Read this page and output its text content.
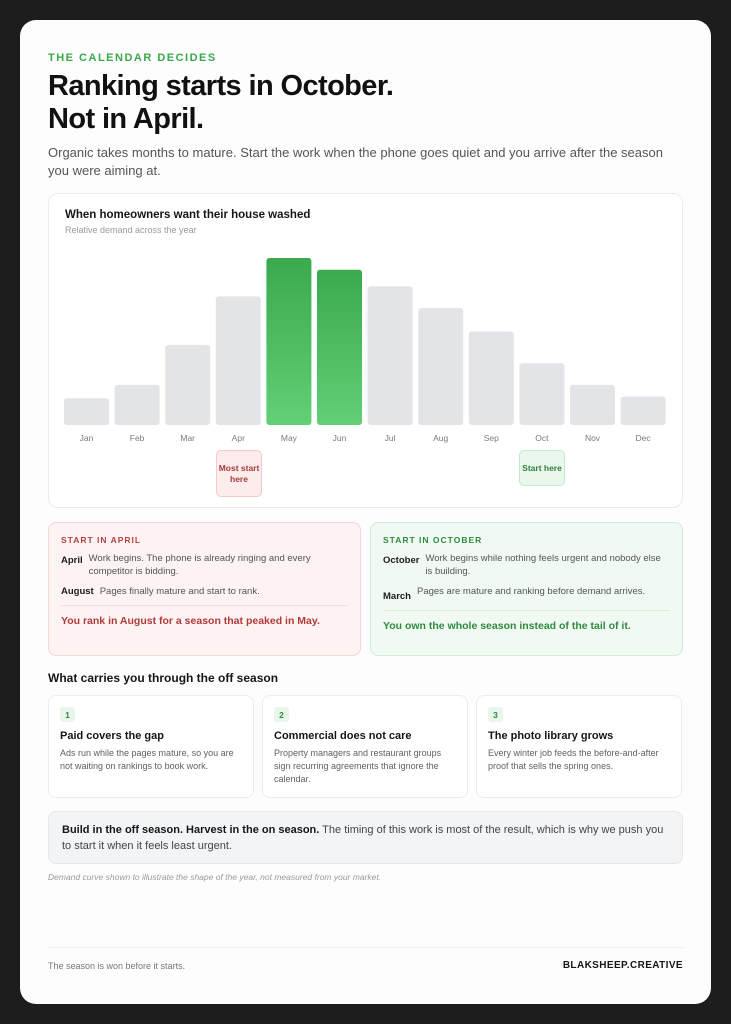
THE CALENDAR DECIDES
Ranking starts in October.
Not in April.
Organic takes months to mature. Start the work when the phone goes quiet and you arrive after the season you were aiming at.
Jan	Feb	Mar	Apr	May	Jun	Jul	Aug	Sep	Oct	Nov	Dec
When homeowners want their house washed
Relative demand across the year
Most start here
Start here
START IN APRIL
April Work begins. The phone is already ringing and every competitor is bidding.
August Pages finally mature and start to rank.
You rank in August for a season that peaked in May.
START IN OCTOBER
October Work begins while nothing feels urgent and nobody else is building.
March Pages are mature and ranking before demand arrives.
You own the whole season instead of the tail of it.
What carries you through the off season
1
Paid covers the gap
Ads run while the pages mature, so you are not waiting on rankings to book work.
2
Commercial does not care
Property managers and restaurant groups sign recurring agreements that ignore the calendar.
3
The photo library grows
Every winter job feeds the before-and-after proof that sells the spring ones.
Build in the off season. Harvest in the on season. The timing of this work is most of the result, which is why we push you to start it when it feels least urgent.
Demand curve shown to illustrate the shape of the year, not measured from your market.
The season is won before it starts.	BLAKSHEEP.CREATIVE
